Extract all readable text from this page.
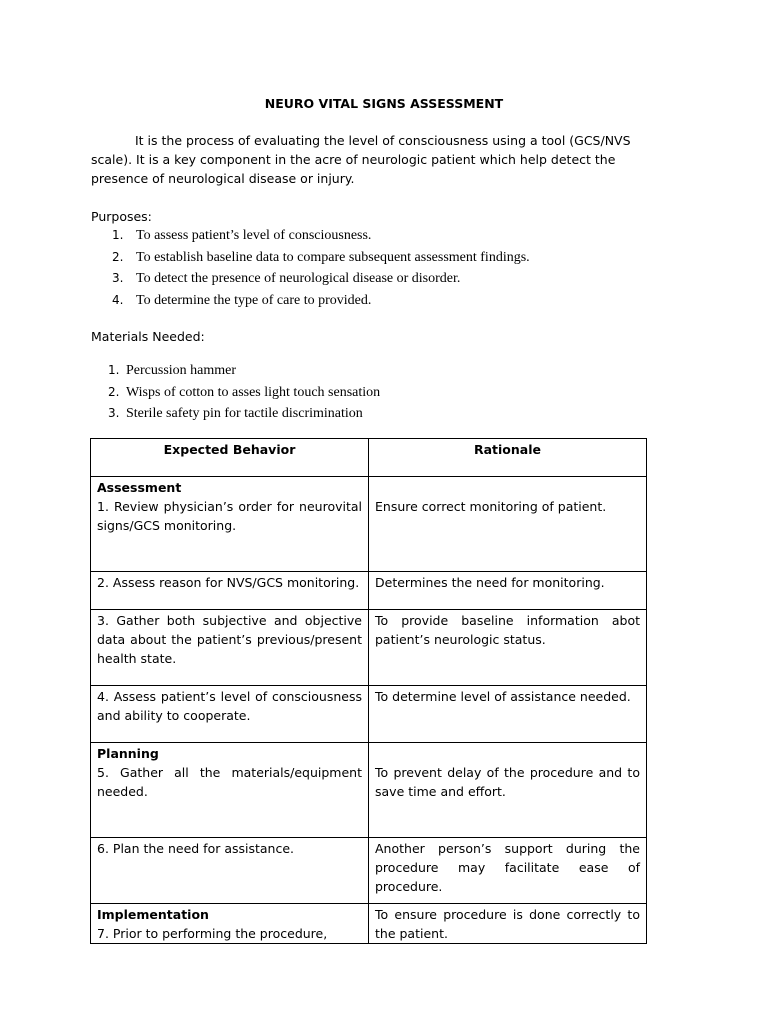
NEURO VITAL SIGNS ASSESSMENT

It is the process of evaluating the level of consciousness using a tool (GCS/NVS scale). It is a key component in the acre of neurologic patient which help detect the presence of neurological disease or injury.

Purposes:

1. To assess patient’s level of consciousness.
2. To establish baseline data to compare subsequent assessment findings.
3. To detect the presence of neurological disease or disorder.
4. To determine the type of care to provided.

Materials Needed:

1. Percussion hammer
2. Wisps of cotton to asses light touch sensation
3. Sterile safety pin for tactile discrimination
Expected Behavior	Rationale

Assessment
1. Review physician’s order for neurovital signs/GCS monitoring.	Ensure correct monitoring of patient.
2. Assess reason for NVS/GCS monitoring.	Determines the need for monitoring.
3. Gather both subjective and objective data about the patient’s previous/present health state.	To provide baseline information abot patient’s neurologic status.
4. Assess patient’s level of consciousness and ability to cooperate.	To determine level of assistance needed.

Planning
5. Gather all the materials/equipment needed.	To prevent delay of the procedure and to save time and effort.
6. Plan the need for assistance.	Another person’s support during the procedure may facilitate ease of procedure.

Implementation
7. Prior to performing the procedure,	To ensure procedure is done correctly to the patient.
